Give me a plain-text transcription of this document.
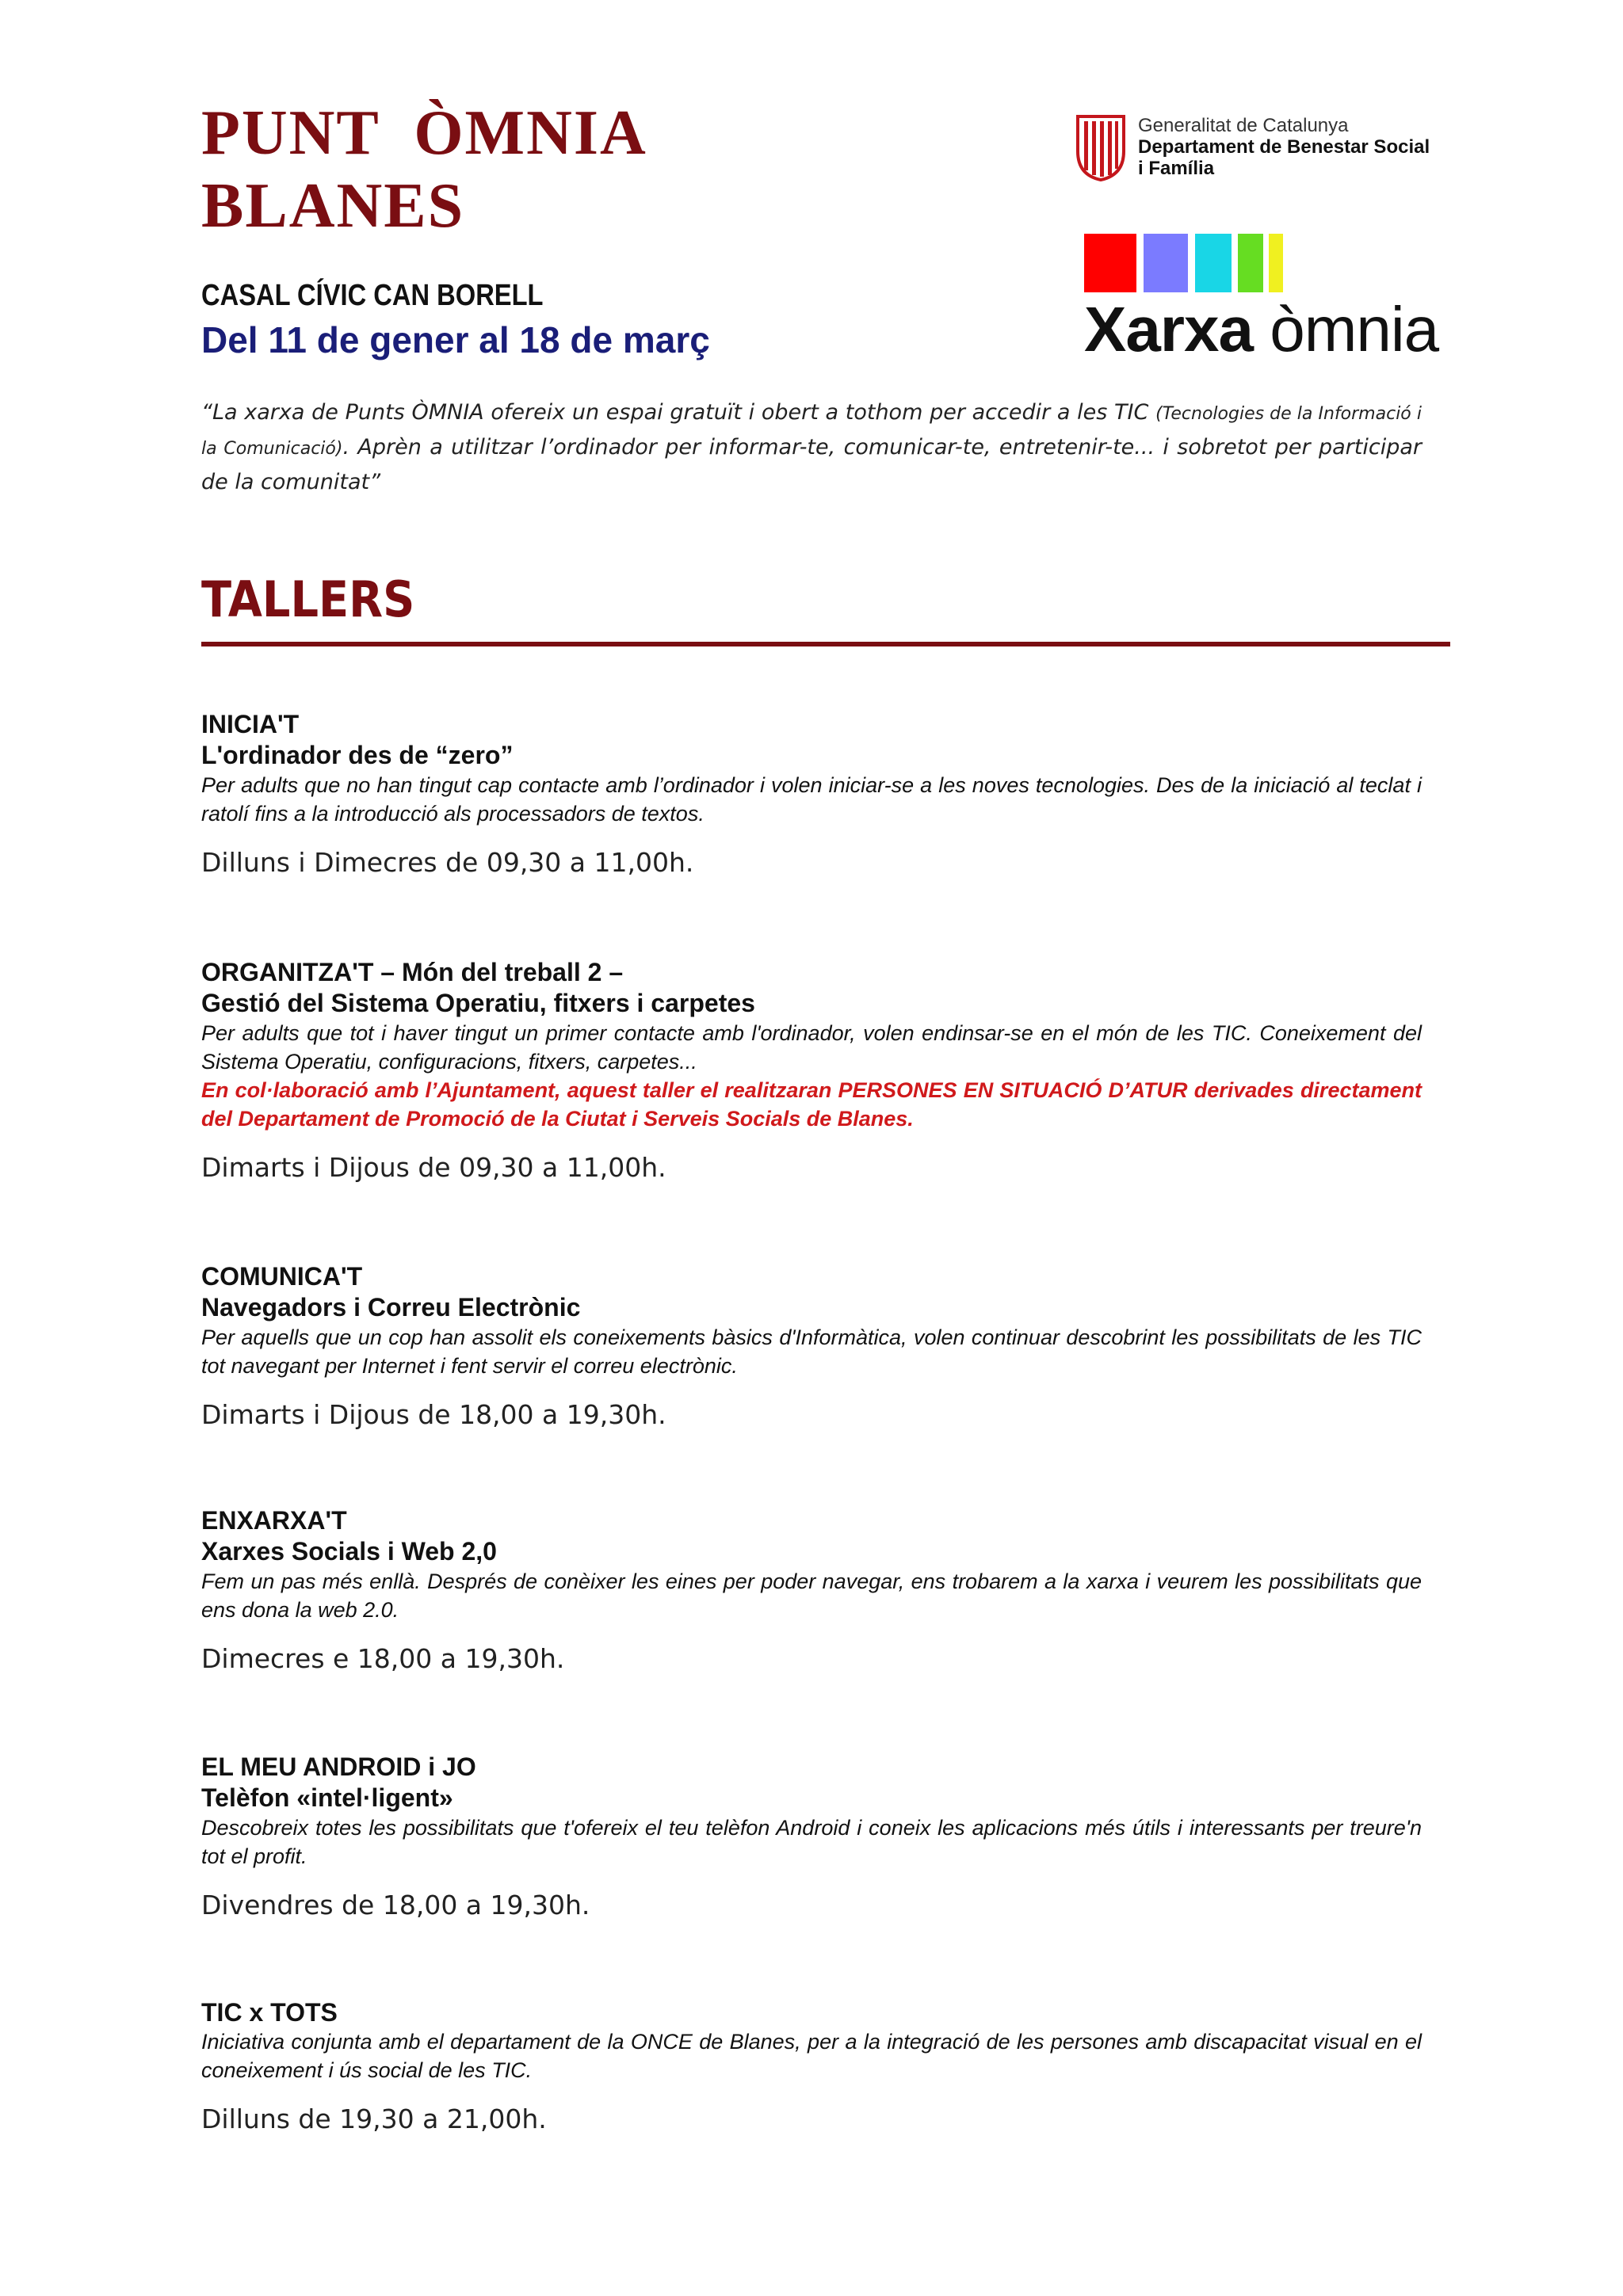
PUNT  ÒMNIA
BLANES
CASAL CÍVIC CAN BORELL
Del 11 de gener al 18 de març
Generalitat de Catalunya
Departament de Benestar Social
i Família
Xarxa òmnia
“La xarxa de Punts ÒMNIA ofereix un espai gratuït i obert a tothom per accedir a les TIC (Tecnologies de la Informació i la Comunicació). Aprèn a utilitzar l’ordinador per informar-te, comunicar-te, entretenir-te... i sobretot per participar de la comunitat”
TALLERS
INICIA'T
L'ordinador des de “zero”
Per adults que no han tingut cap contacte amb l’ordinador i volen iniciar-se a les noves tecnologies. Des de la iniciació al teclat i ratolí fins a la introducció als processadors de textos.
Dilluns i Dimecres de 09,30 a 11,00h.
ORGANITZA'T – Món del treball 2 –
Gestió del Sistema Operatiu, fitxers i carpetes
Per adults que tot i haver tingut un primer contacte amb l'ordinador, volen endinsar-se en el món de les TIC. Coneixement del Sistema Operatiu, configuracions, fitxers, carpetes...
En col·laboració amb l’Ajuntament, aquest taller el realitzaran PERSONES EN SITUACIÓ D’ATUR derivades directament del Departament de Promoció de la Ciutat i Serveis Socials de Blanes.
Dimarts i Dijous de 09,30 a 11,00h.
COMUNICA'T
Navegadors i Correu Electrònic
Per aquells que un cop han assolit els coneixements bàsics d'Informàtica, volen continuar descobrint les possibilitats de les TIC tot navegant per Internet i fent servir el correu electrònic.
Dimarts i Dijous de 18,00 a 19,30h.
ENXARXA'T
Xarxes Socials i Web 2,0
Fem un pas més enllà. Després de conèixer les eines per poder navegar, ens trobarem a la xarxa i veurem les possibilitats que ens dona la web 2.0.
Dimecres e 18,00 a 19,30h.
EL MEU ANDROID i JO
Telèfon «intel·ligent»
Descobreix totes les possibilitats que t'ofereix el teu telèfon Android i coneix les aplicacions més útils i interessants per treure'n tot el profit.
Divendres de 18,00 a 19,30h.
TIC x TOTS
Iniciativa conjunta amb el departament de la ONCE de Blanes, per a la integració de les persones amb discapacitat visual en el coneixement i ús social de les TIC.
Dilluns de 19,30 a 21,00h.
